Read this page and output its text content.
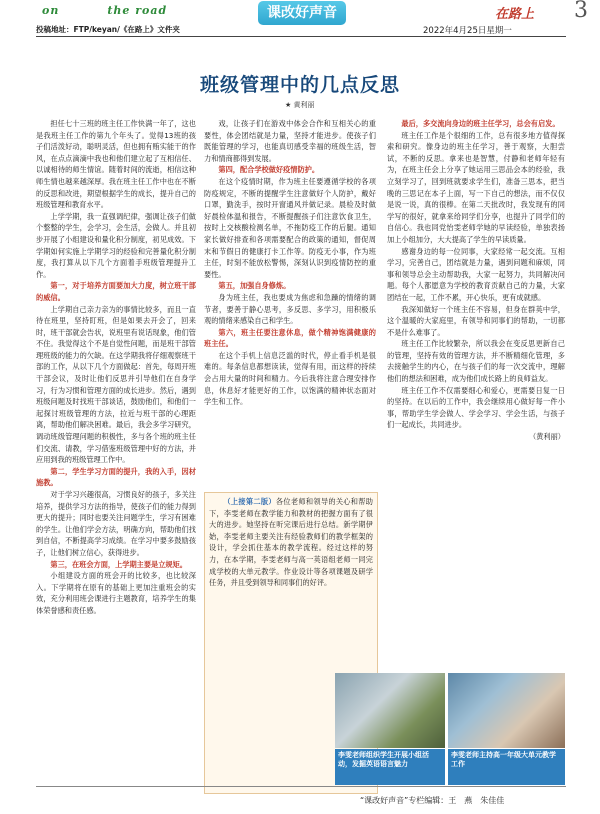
on	the road	课改好声音	在路上 3
投稿地址：FTP/keyan/《在路上》文件夹	2022年4月25日星期一
班级管理中的几点反思
★ 黄利丽

担任七十三班的班主任工作快满一年了，这也是我班主任工作的第九个年头了。觉得13班的孩子们活泼好动，聪明灵活，但也拥有贿实能干的作风，在点点滴滴中我也和他们建立起了互相信任、以诚相待的师生情谊。随着时间的流逝，相信这种师生情也越来越深厚。我在班主任工作中也在不断的反思和改进，期望根据学生的成长，提升自己的班级管理和教育水平。

上学学期，我一直强调纪律，强调让孩子们做个整整的学生，会学习，会生活，会做人。并且初步开展了小组建设和量化积分制度，初见成效。下学期如何实施上学期学习的经验和完善量化积分制度，我打算从以下几个方面着手班级管理提升工作。

第一，对于培养方面要加大力度，树立班干部的威信。

上学期自己亲力亲为的事情比较多，而且一直待在班里，坚持盯班，但是如果去开会了，回来时，班干部就会告状，说班里有说话现象，他们管不住。我觉得这个不是自觉性问题，而是班干部管理班级的能力的欠缺。在这学期我将仔细观察班干部的工作，从以下几个方面做起：首先，每周开班干部会议，及时让他们反思并引导他们在自身学习，行为习惯和管理方面的成长进步。然后，遇到班级问题及时找班干部谈话，鼓励他们，和他们一起探讨班级管理的方法，拉近与班干部的心理距离，帮助他们解决困难。最后，我会多学习研究，调动班级管理问题的积极性，多与各个班的班主任们交流、请教，学习借鉴班级管理中好的方法，并应用到我的班级管理工作中。

第二，学生学习方面的提升，我的入手，因材施教。

对于学习兴趣很高，习惯良好的孩子，多关注培养，提供学习方法的指导，使孩子们的能力得到更大的提升；同时也要关注问题学生，学习有困难的学生。让他们学会方法，明确方向，帮助他们找到自信，不断提高学习成绩。在学习中要多鼓励孩子，让他们树立信心，获得进步。

第三，在班会方面，上学期主要是立规矩。

小组建设方面的班会开的比较多，也比较深入。下学期将在原有的基础上更加注重班会的实效，充分利用班会课进行主题教育，培养学生的集体荣誉感和责任感。

戏，让孩子们在游戏中体会合作和互相关心的重要性，体会团结就是力量，坚持才能进步。使孩子们既能管理的学习，也能真切感受幸福的班级生活，智力和情商都得到发展。

第四，配合学校做好疫情防护。

在这个疫情时期，作为班主任要遵循学校的各项防疫规定，不断的提醒学生注意做好个人防护，戴好口罩，勤洗手，按时开窗通风并做记录。晨检及时做好晨检体温和报告，不断提醒孩子们注意饮食卫生，按时上交核酸检测名单，不拖防疫工作的后腿。通知家长做好排查和各项需要配合的政策的通知，督促周末和节假日的健康打卡工作等。防疫无小事，作为班主任，时刻不能放松警惕，深刻认识到疫情防控的重要性。

第五，加强自身修炼。

身为班主任，我也要成为焦虑和急躁的情绪的调节者，要善于静心思考，多反思、多学习，用积极乐观的情绪来感染自己和学生。

第六，班主任要注意休息，做个精神饱满健康的班主任。

在这个手机上信息泛滥的时代，停止看手机是很难的。每条信息都想读读，觉得有用，而这样的持续会占用大量的时间和精力。今后我将注意合理安排作息，休息好才能更好的工作，以饱满的精神状态面对学生和工作。

最后，多交流向身边的班主任学习，总会有启发。

班主任工作是个很细的工作，总有很多地方值得探索和研究。像身边的班主任学习，善于观察，大胆尝试，不断的反思。拿来也是智慧，付静和老师年轻有为，在班主任会上分享了她运用三思品会本的经验，我立刻学习了，回到班就要求学生们，准备三思本，把当晚的三思记在本子上面，写一下自己的想法，而不仅仅是说一说，真的很棒。在第二天批改时，我发现有的同学写的很好，就拿来给同学们分享，也提升了同学们的自信心。我也同党怡雯老师学她的早读经验，单独表扬加上小组加分，大大提高了学生的早读质量。

感谢身边的每一位同事，大家经常一起交流。互相学习，完善自己，团结就是力量，遇到问题和麻烦，同事和领导总会主动帮助我，大家一起努力，共同解决问题。每个人都愿意为学校的教育贡献自己的力量，大家团结在一起，工作不累，开心快乐，更有成就感。

我深知做好一个班主任不容易，但身在群英中学，这个温暖的大家庭里，有领导和同事们的帮助，一切都不是什么难事了。

班主任工作比较繁杂，所以我会在变反思更新自己的管理，坚持有效的管理方法，并不断精细化管理，多去接触学生的内心，在与孩子们的每一次交流中，理解他们的想法和困难，成为他们成长路上的良师益友。

班主任工作不仅需要细心和爱心，更需要日复一日的坚持。在以后的工作中，我会继续用心做好每一件小事，帮助学生学会做人、学会学习、学会生活，与孩子们一起成长，共同进步。

（黄利丽）

（上接第二版）各位老师和领导的关心和帮助下，李雯老师在教学能力和教材的把握方面有了很大的进步。她坚持在听完课后进行总结。新学期伊始，李雯老师主要关注有经验教师们的教学框架的设计，学会抓住基本的教学流程。经过这样的努力，在本学期，李雯老师与高一英语组老师一同完成学校的大单元教学。作业设计等各项课题及研学任务，并且受到领导和同事们的好评。

李雯老师组织学生开展小组活动，发掘英语语言魅力
李雯老师主持高一年级大单元教学工作
“课改好声音”专栏编辑：王　燕　朱佳佳
